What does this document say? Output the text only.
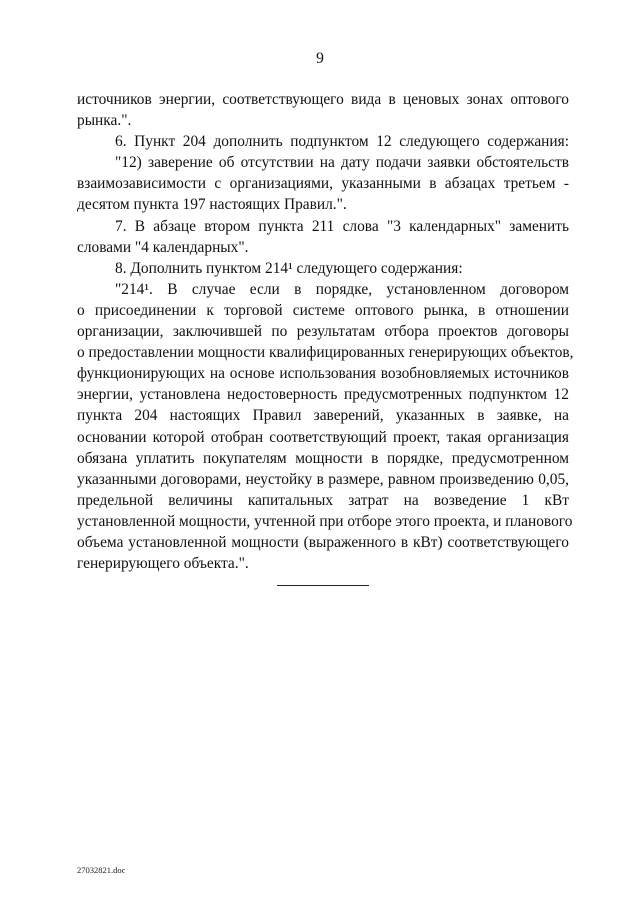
9
источников энергии, соответствующего вида в ценовых зонах оптового
рынка.".
6. Пункт 204 дополнить подпунктом 12 следующего содержания:
"12) заверение об отсутствии на дату подачи заявки обстоятельств
взаимозависимости с организациями, указанными в абзацах третьем -
десятом пункта 197 настоящих Правил.".
7. В абзаце втором пункта 211 слова "3 календарных" заменить
словами "4 календарных".
8. Дополнить пунктом 214¹ следующего содержания:
"214¹. В случае если в порядке, установленном договором
о присоединении к торговой системе оптового рынка, в отношении
организации, заключившей по результатам отбора проектов договоры
о предоставлении мощности квалифицированных генерирующих объектов,
функционирующих на основе использования возобновляемых источников
энергии, установлена недостоверность предусмотренных подпунктом 12
пункта 204 настоящих Правил заверений, указанных в заявке, на
основании которой отобран соответствующий проект, такая организация
обязана уплатить покупателям мощности в порядке, предусмотренном
указанными договорами, неустойку в размере, равном произведению 0,05,
предельной величины капитальных затрат на возведение 1 кВт
установленной мощности, учтенной при отборе этого проекта, и планового
объема установленной мощности (выраженного в кВт) соответствующего
генерирующего объекта.".
27032821.doc
